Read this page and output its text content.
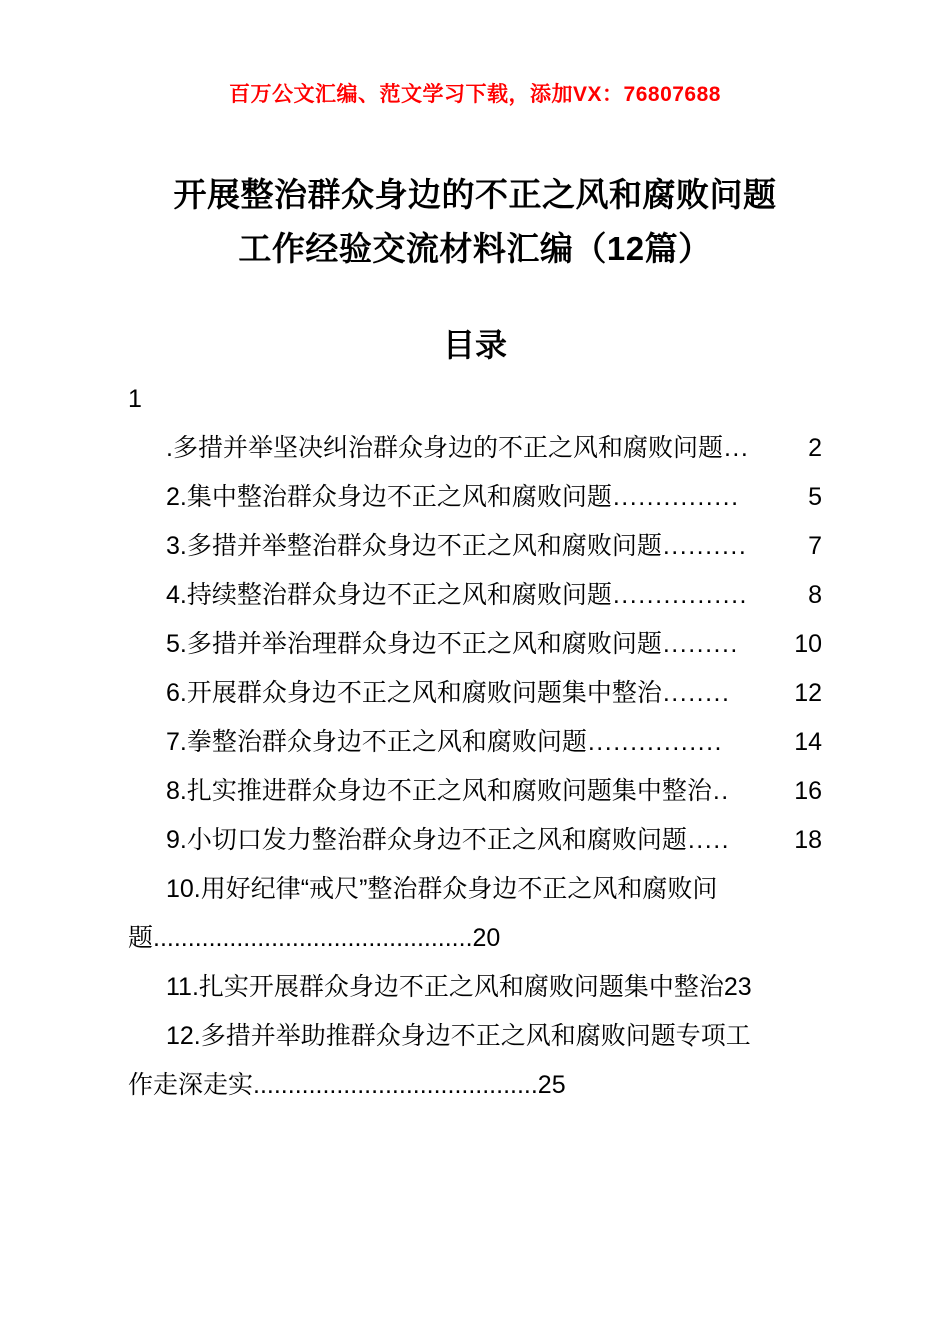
百万公文汇编、范文学习下载，添加VX：76807688
开展整治群众身边的不正之风和腐败问题
工作经验交流材料汇编（12篇）
目录
1
.多措并举坚决纠治群众身边的不正之风和腐败问题 ...	2
2.集中整治群众身边不正之风和腐败问题 ...............	5
3.多措并举整治群众身边不正之风和腐败问题 ..........	7
4.持续整治群众身边不正之风和腐败问题 ................	8
5.多措并举治理群众身边不正之风和腐败问题 .........	10
6.开展群众身边不正之风和腐败问题集中整治 ........	12
7.拳整治群众身边不正之风和腐败问题 ................	14
8.扎实推进群众身边不正之风和腐败问题集中整治 ..	16
9.小切口发力整治群众身边不正之风和腐败问题 .....	18
10.用好纪律“戒尺”整治群众身边不正之风和腐败问
题 .............................................. 20
11.扎实开展群众身边不正之风和腐败问题集中整治 23
12.多措并举助推群众身边不正之风和腐败问题专项工
作走深走实 ......................................... 25
